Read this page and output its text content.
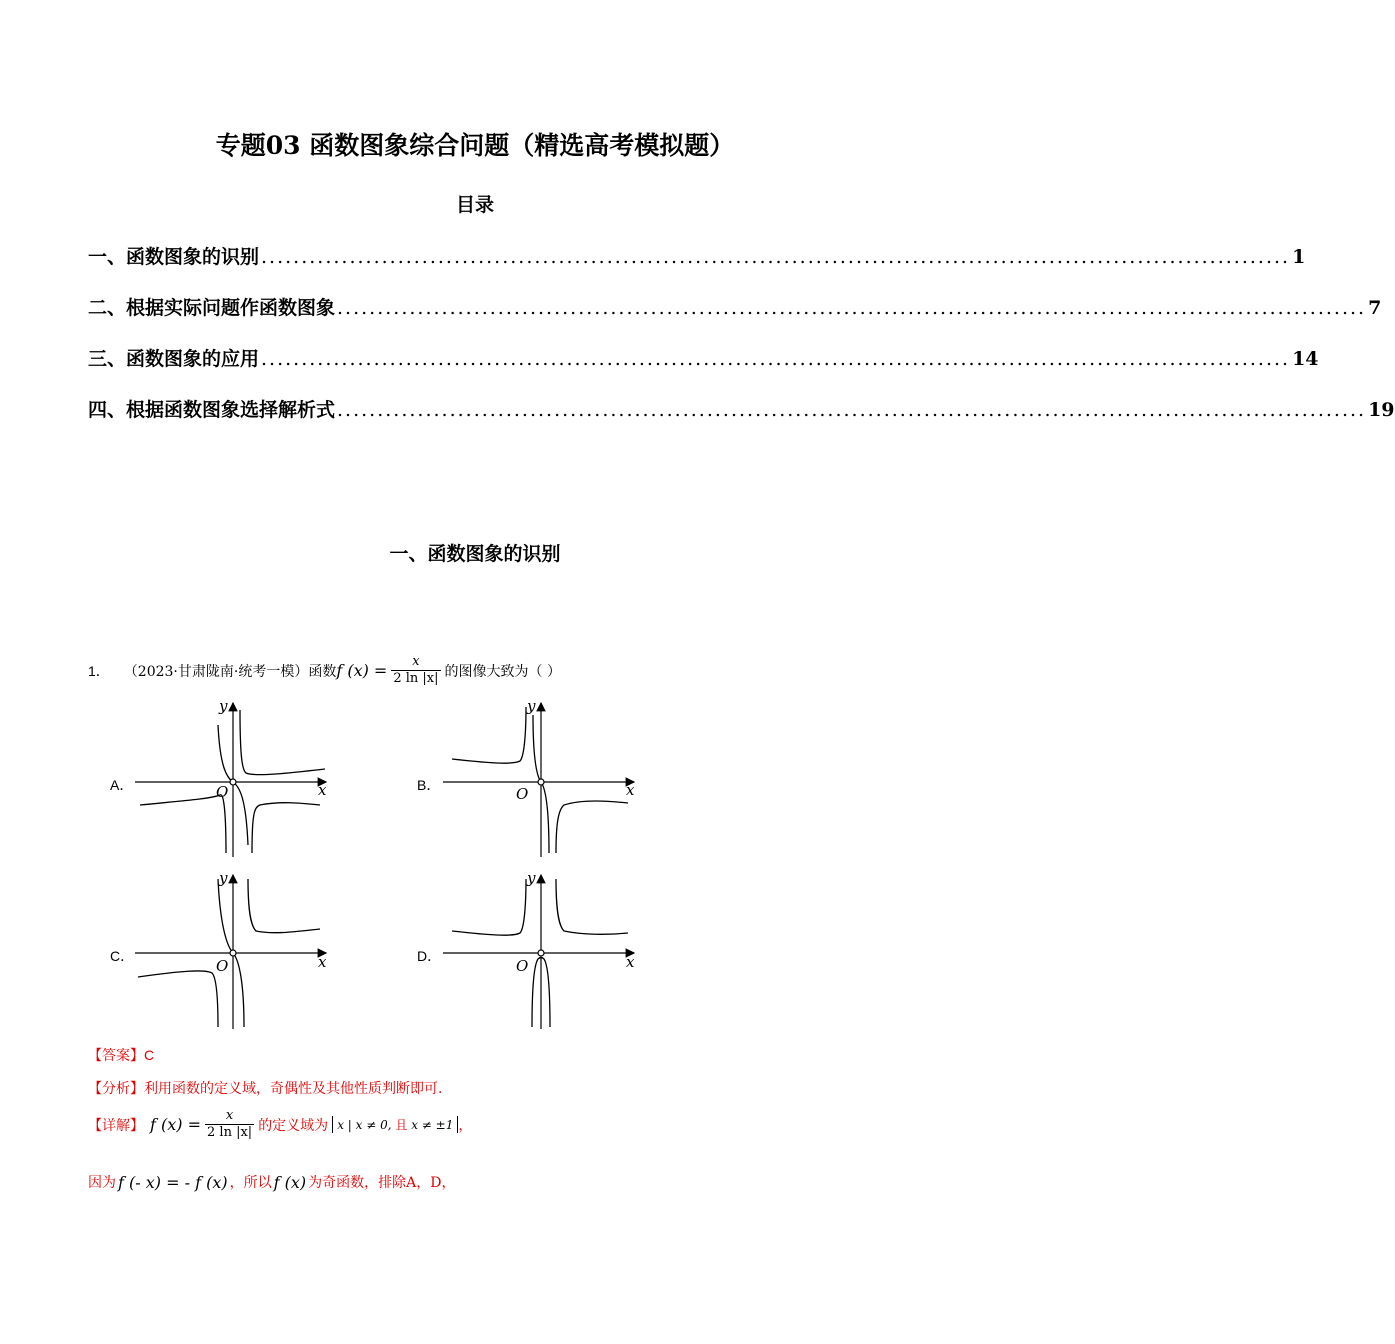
专题03 函数图象综合问题（精选高考模拟题）
目录
一、函数图象的识别 ................................................................................................................................ 1
二、根据实际问题作函数图象 ................................................................................................................................ 7
三、函数图象的应用 ................................................................................................................................ 14
四、根据函数图象选择解析式 ................................................................................................................................ 19
一、函数图象的识别
1． （2023·甘肃陇南·统考一模）函数 f $(x) = \frac{x}{2 \ln |x|}$ 的图像大致为（ ）
A．	B．
C．	D．
x
y
O	x
y
O
x
y
O	x
y
O
【答案】C
【分析】利用函数的定义域，奇偶性及其他性质判断即可.
【详解】 f $(x) = \frac{x}{2 \ln |x|}$ 的定义域为 x | x ≠ 0, 且 x ≠ ±1 ，
因为 f (- x) = - f (x) ，所以 f (x) 为奇函数，排除A，D，
